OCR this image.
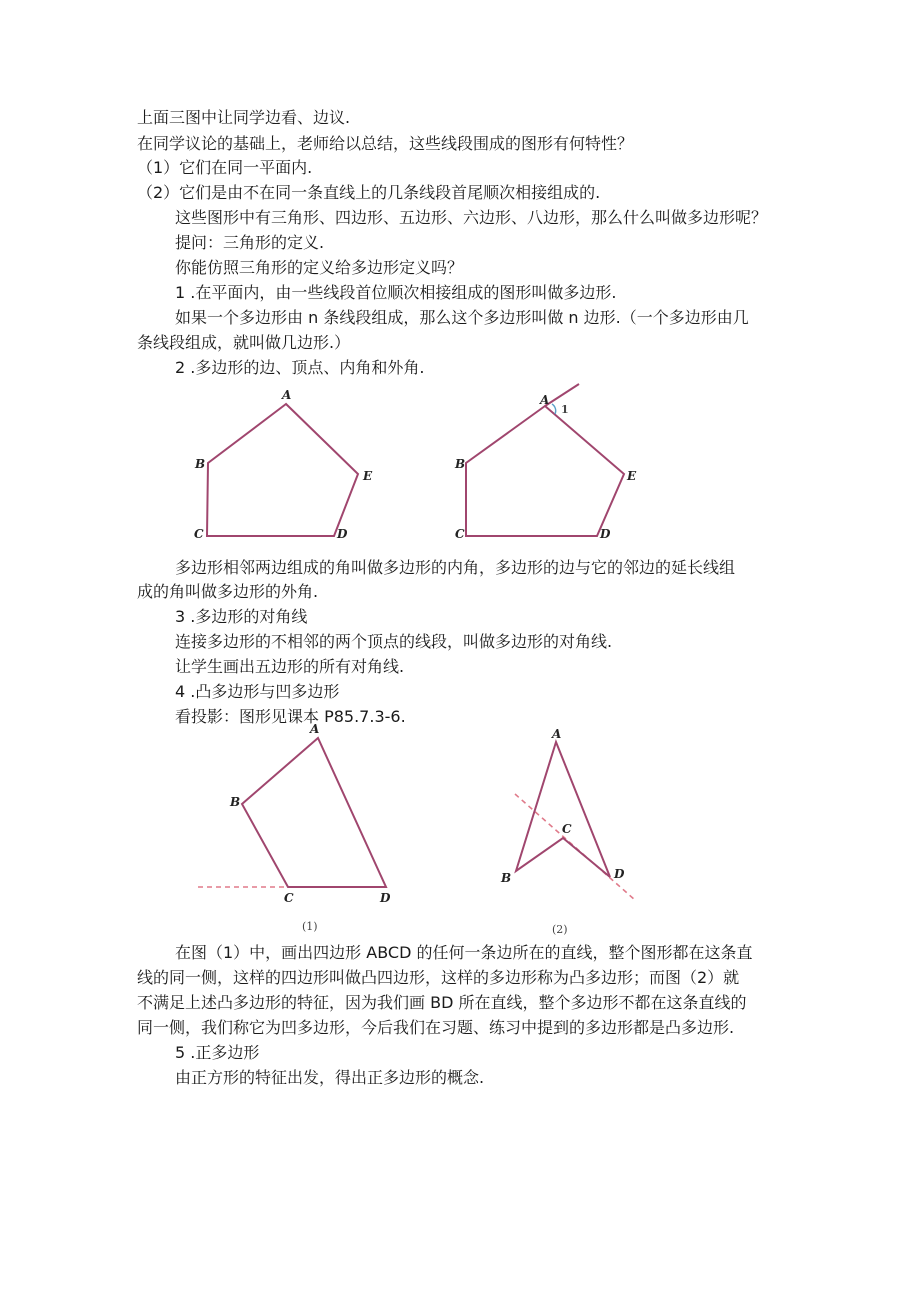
上面三图中让同学边看、边议.
在同学议论的基础上，老师给以总结，这些线段围成的图形有何特性？
（1）它们在同一平面内.
（2）它们是由不在同一条直线上的几条线段首尾顺次相接组成的.
这些图形中有三角形、四边形、五边形、六边形、八边形，那么什么叫做多边形呢？
提问：三角形的定义.
你能仿照三角形的定义给多边形定义吗？
1 .在平面内，由一些线段首位顺次相接组成的图形叫做多边形.
如果一个多边形由 n 条线段组成，那么这个多边形叫做 n 边形.（一个多边形由几
条线段组成，就叫做几边形.）
2 .多边形的边、顶点、内角和外角.
A
B
C	D
E
A
1
B
C	D
E
多边形相邻两边组成的角叫做多边形的内角，多边形的边与它的邻边的延长线组
成的角叫做多边形的外角.
3 .多边形的对角线
连接多边形的不相邻的两个顶点的线段，叫做多边形的对角线.
让学生画出五边形的所有对角线.
4 .凸多边形与凹多边形
看投影：图形见课本 P85.7.3-6.
A
B
C	D
(1)
A
B
C
D
(2)
在图（1）中，画出四边形 ABCD 的任何一条边所在的直线，整个图形都在这条直
线的同一侧，这样的四边形叫做凸四边形，这样的多边形称为凸多边形；而图（2）就
不满足上述凸多边形的特征，因为我们画 BD 所在直线，整个多边形不都在这条直线的
同一侧，我们称它为凹多边形，今后我们在习题、练习中提到的多边形都是凸多边形.
5 .正多边形
由正方形的特征出发，得出正多边形的概念.
